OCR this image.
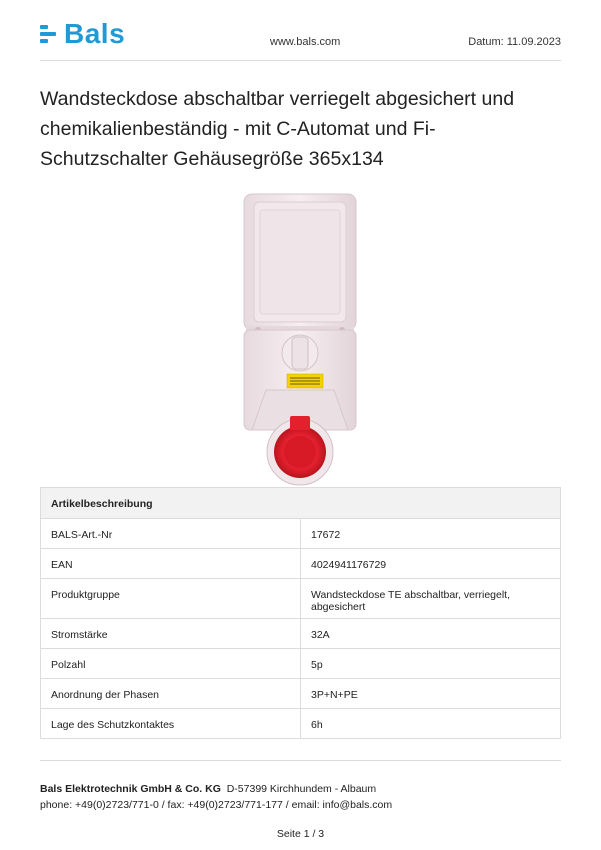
Bals	www.bals.com	Datum: 11.09.2023
Wandsteckdose abschaltbar verriegelt abgesichert und chemikalienbeständig - mit C-Automat und Fi-Schutzschalter Gehäusegröße 365x134
Artikelbeschreibung	
BALS-Art.-Nr	17672
EAN	4024941176729
Produktgruppe	Wandsteckdose TE abschaltbar, verriegelt, abgesichert
Stromstärke	32A
Polzahl	5p
Anordnung der Phasen	3P+N+PE
Lage des Schutzkontaktes	6h
Bals Elektrotechnik GmbH & Co. KG D-57399 Kirchhundem - Albaum
phone: +49(0)2723/771-0 / fax: +49(0)2723/771-177 / email: info@bals.com
Seite 1 / 3
